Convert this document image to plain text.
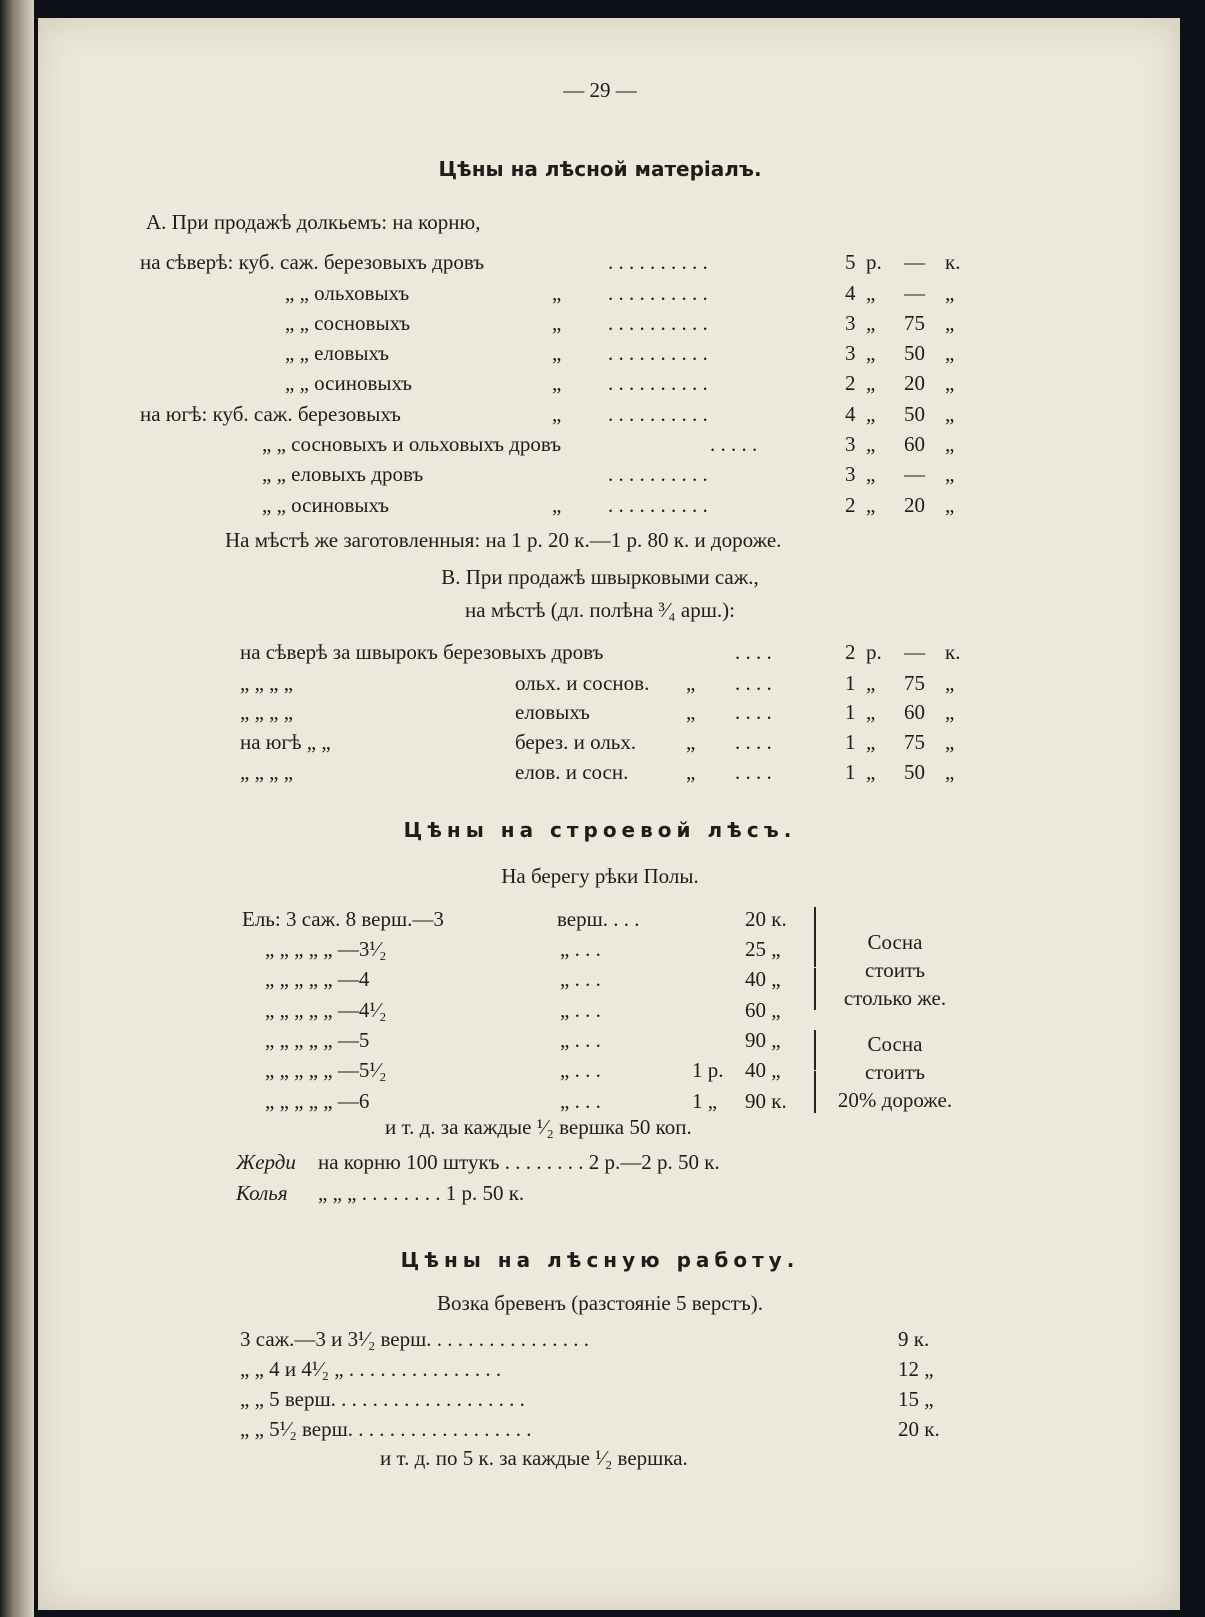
— 29 —
Цѣны на лѣсной матеріалъ.
А. При продажѣ долкьемъ: на корню,
на сѣверѣ: куб. саж. березовыхъ дровъ	. . . . . . . . . .	5 р. — к.
„ „ ольховыхъ	„ . . . . . . . . . .	4 „ — „
„ „ сосновыхъ	„ . . . . . . . . . .	3 „ 75 „
„ „ еловыхъ	„ . . . . . . . . . .	3 „ 50 „
„ „ осиновыхъ	„ . . . . . . . . . .	2 „ 20 „
на югѣ: куб. саж. березовыхъ	„ . . . . . . . . . .	4 „ 50 „
„ „ сосновыхъ и ольховыхъ дровъ	. . . . .	3 „ 60 „
„ „ еловыхъ дровъ	. . . . . . . . . .	3 „ — „
„ „ осиновыхъ	„ . . . . . . . . . .	2 „ 20 „
На мѣстѣ же заготовленныя: на 1 р. 20 к.—1 р. 80 к. и дороже.
В. При продажѣ швырковыми саж.,
на мѣстѣ (дл. полѣна ³⁄₄ арш.):
на сѣверѣ за швырокъ березовыхъ дровъ	. . . .	2 р. — к.
„ „ „ „	ольх. и соснов. „ . . . .	1 „ 75 „
„ „ „ „	еловыхъ	„ . . . .	1 „ 60 „
на югѣ „ „	берез. и ольх. „ . . . .	1 „ 75 „
„ „ „ „	елов. и сосн.	„ . . . .	1 „ 50 „
Цѣны на строевой лѣсъ.
На берегу рѣки Полы.
Ель: 3 саж. 8 верш.—3	верш. . . .	20 к.
„ „ „ „ „ —3¹⁄₂	„ . . .	25 „
„ „ „ „ „ —4	„ . . .	40 „
„ „ „ „ „ —4¹⁄₂	„ . . .	60 „
„ „ „ „ „ —5	„ . . .	90 „
„ „ „ „ „ —5¹⁄₂	„ . . .	1 р. 40 „
„ „ „ „ „ —6	„ . . .	1 „ 90 к.
Сосна
стоитъ
столько же.
Сосна
стоитъ
20% дороже.
и т. д. за каждые ¹⁄₂ вершка 50 коп.
Жерди на корню 100 штукъ . . . . . . . . 2 р.—2 р. 50 к.
Колья „ „ „ . . . . . . . . 1 р. 50 к.
Цѣны на лѣсную работу.
Возка бревенъ (разстояніе 5 верстъ).
3 саж.—3 и 3¹⁄₂ верш. . . . . . . . . . . . . . . .	9 к.
„ „ 4 и 4¹⁄₂ „ . . . . . . . . . . . . . . .	12 „
„ „ 5 верш. . . . . . . . . . . . . . . . . . .	15 „
„ „ 5¹⁄₂ верш. . . . . . . . . . . . . . . . . .	20 к.
и т. д. по 5 к. за каждые ¹⁄₂ вершка.
